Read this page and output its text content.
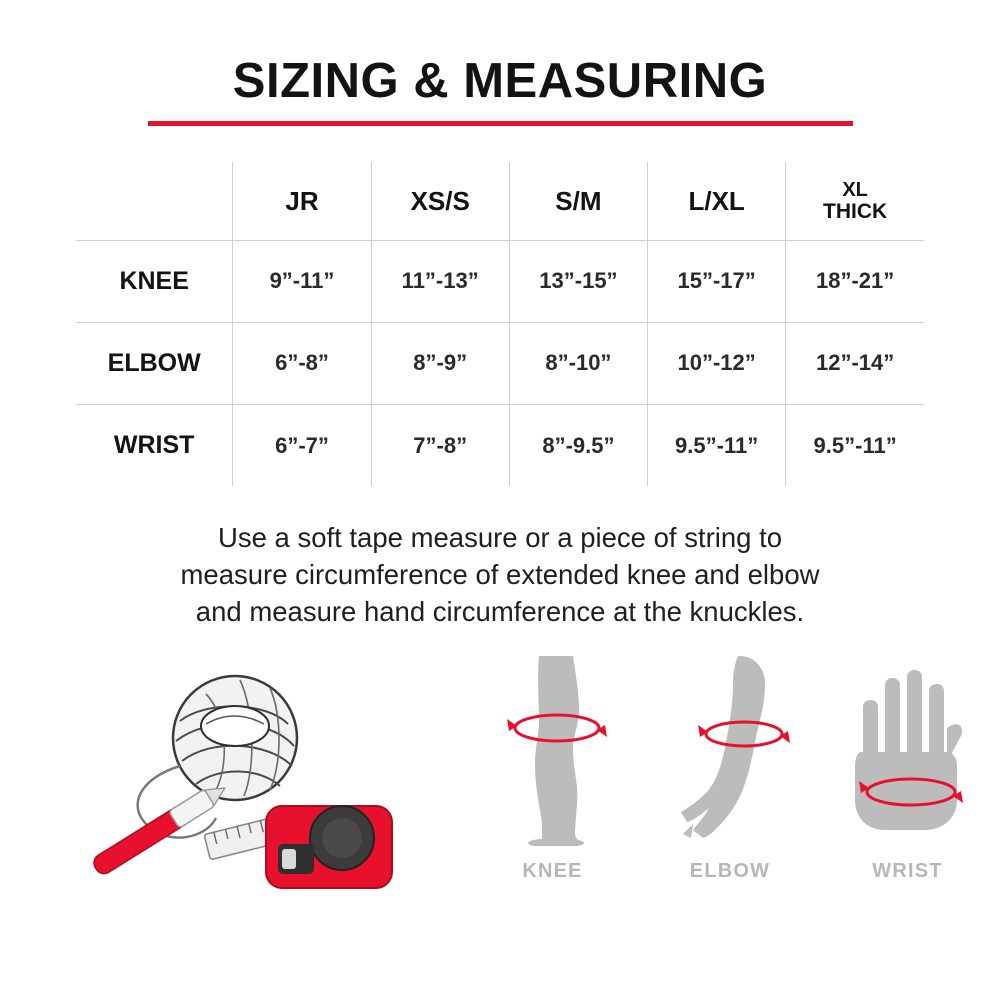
SIZING & MEASURING
	JR	XS/S	S/M	L/XL	XL
THICK

KNEE	9”-11”	11”-13”	13”-15”	15”-17”	18”-21”
ELBOW	6”-8”	8”-9”	8”-10”	10”-12”	12”-14”
WRIST	6”-7”	7”-8”	8”-9.5”	9.5”-11”	9.5”-11”
Use a soft tape measure or a piece of string to
measure circumference of extended knee and elbow
and measure hand circumference at the knuckles.
KNEE	ELBOW	WRIST
